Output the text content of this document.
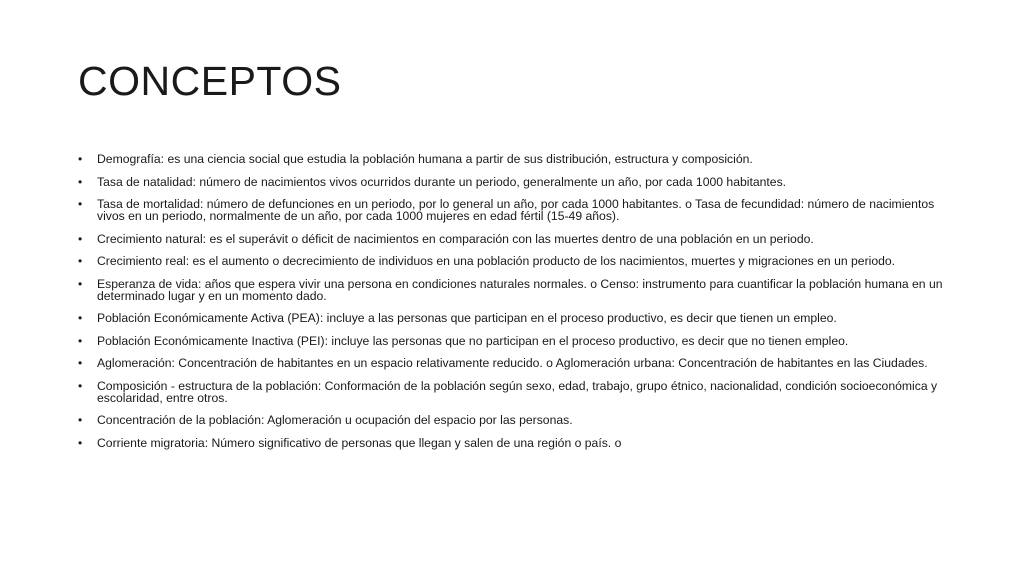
CONCEPTOS
• Demografía: es una ciencia social que estudia la población humana a partir de sus distribución, estructura y composición.
• Tasa de natalidad: número de nacimientos vivos ocurridos durante un periodo, generalmente un año, por cada 1000 habitantes.
• Tasa de mortalidad: número de defunciones en un periodo, por lo general un año, por cada 1000 habitantes. o Tasa de fecundidad: número de nacimientos vivos en un periodo, normalmente de un año, por cada 1000 mujeres en edad fértil (15-49 años).
• Crecimiento natural: es el superávit o déficit de nacimientos en comparación con las muertes dentro de una población en un periodo.
• Crecimiento real: es el aumento o decrecimiento de individuos en una población producto de los nacimientos, muertes y migraciones en un periodo.
• Esperanza de vida: años que espera vivir una persona en condiciones naturales normales. o Censo: instrumento para cuantificar la población humana en un determinado lugar y en un momento dado.
• Población Económicamente Activa (PEA): incluye a las personas que participan en el proceso productivo, es decir que tienen un empleo.
• Población Económicamente Inactiva (PEI): incluye las personas que no participan en el proceso productivo, es decir que no tienen empleo.
• Aglomeración: Concentración de habitantes en un espacio relativamente reducido. o Aglomeración urbana: Concentración de habitantes en las Ciudades.
• Composición - estructura de la población: Conformación de la población según sexo, edad, trabajo, grupo étnico, nacionalidad, condición socioeconómica y escolaridad, entre otros.
• Concentración de la población: Aglomeración u ocupación del espacio por las personas.
• Corriente migratoria: Número significativo de personas que llegan y salen de una región o país. o
